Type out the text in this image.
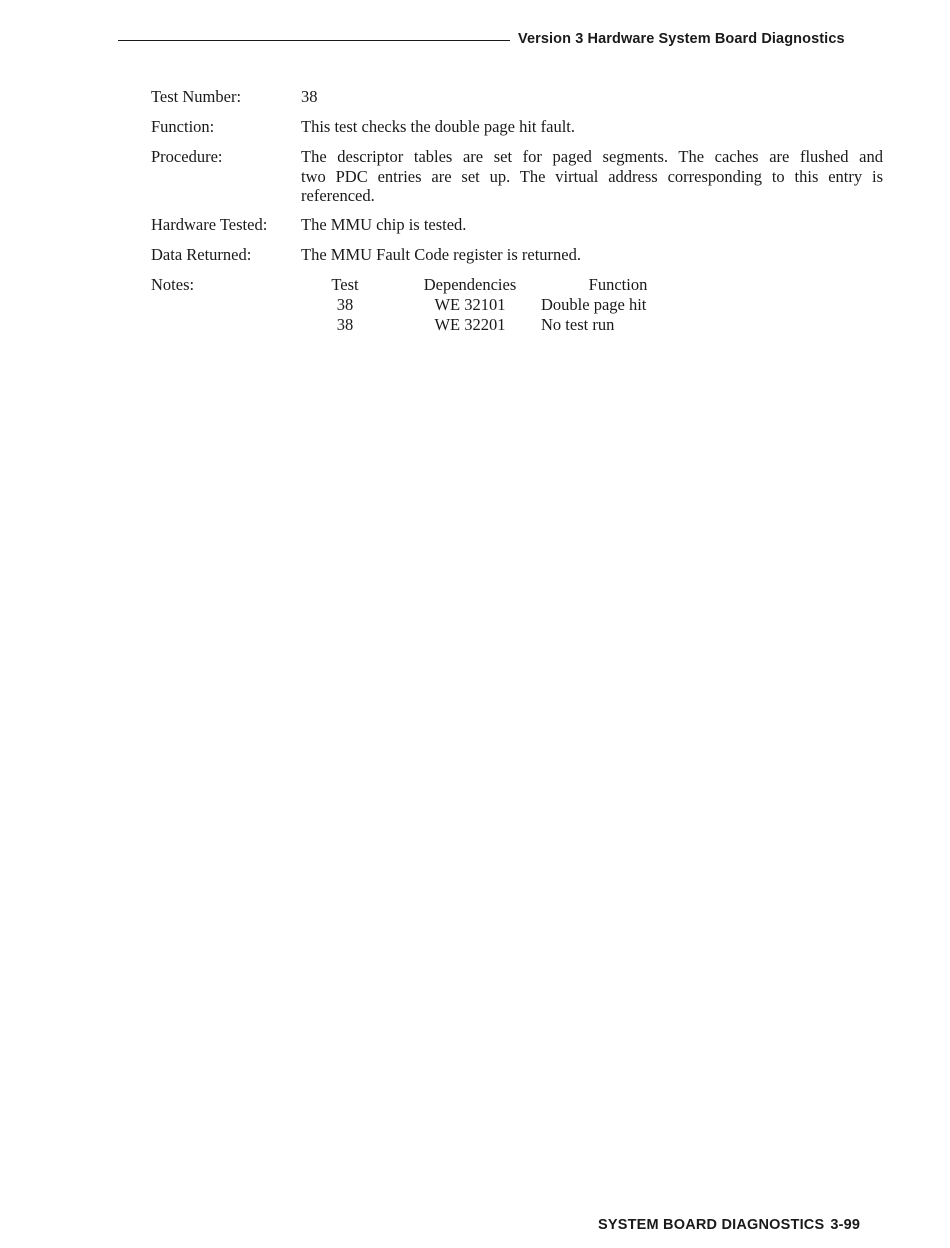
Version 3 Hardware System Board Diagnostics
Test Number:	38
Function:	This test checks the double page hit fault.
Procedure:	The descriptor tables are set for paged segments. The caches are flushed and
two PDC entries are set up. The virtual address corresponding to this entry is
referenced.
Hardware Tested: The MMU chip is tested.
Data Returned:	The MMU Fault Code register is returned.
Notes:	Test	Dependencies	Function
38	WE 32101	Double page hit
38	WE 32201	No test run
SYSTEM BOARD DIAGNOSTICS 3-99
